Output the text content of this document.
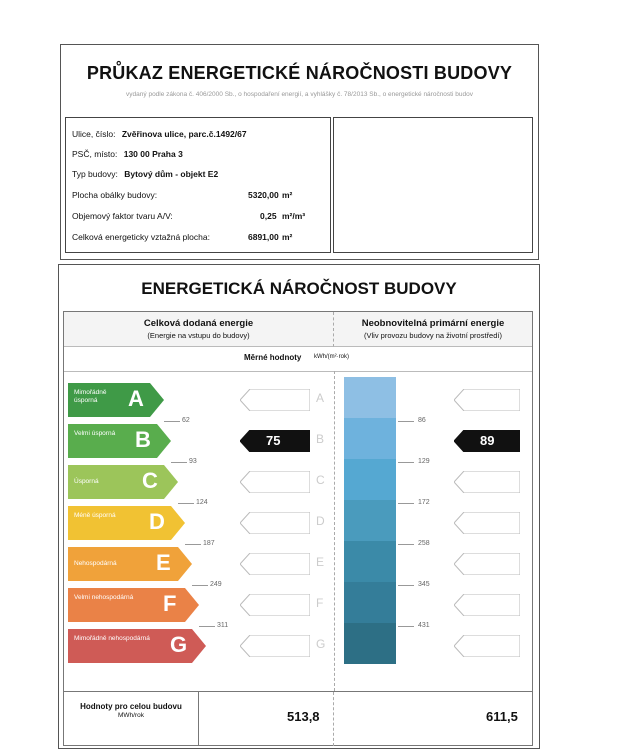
PRŮKAZ ENERGETICKÉ NÁROČNOSTI BUDOVY
vydaný podle zákona č. 406/2000 Sb., o hospodaření energií, a vyhlášky č. 78/2013 Sb., o energetické náročnosti budov
Ulice, číslo: Zvěřinova ulice, parc.č.1492/67
PSČ, místo: 130 00 Praha 3
Typ budovy: Bytový dům - objekt E2
Plocha obálky budovy:	5320,00 m²
Objemový faktor tvaru A/V:	0,25 m²/m³
Celková energeticky vztažná plocha:	6891,00 m²
ENERGETICKÁ NÁROČNOST BUDOVY
Celková dodaná energie
(Energie na vstupu do budovy)
Neobnovitelná primární energie
(Vliv provozu budovy na životní prostředí)
Měrné hodnoty kWh/(m²·rok)
Mimořádně úsporná	A	A
Velmi úsporná B	75	B	89
Úsporná	C	C
Méně úsporná	D	D
Nehospodárná	E	E
Velmi nehospodárná	F	F
Mimořádně nehospodárná G	G
62
93
124
187
249
311
86
129
172
258
345
431
Hodnoty pro celou budovu
MWh/rok	513,8	611,5
